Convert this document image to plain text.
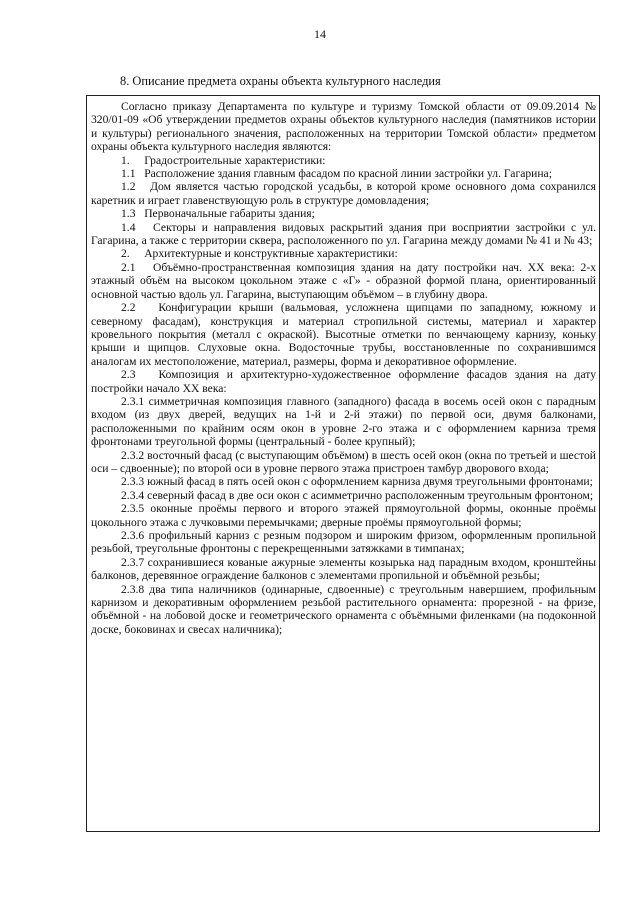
14
8. Описание предмета охраны объекта культурного наследия

Согласно приказу Департамента по культуре и туризму Томской области от 09.09.2014 № 320/01-09 «Об утверждении предметов охраны объектов культурного наследия (памятников истории и культуры) регионального значения, расположенных на территории Томской области» предметом охраны объекта культурного наследия являются:

1.     Градостроительные характеристики:

1.1   Расположение здания главным фасадом по красной линии застройки ул. Гагарина;

1.2   Дом является частью городской усадьбы, в которой кроме основного дома сохранился каретник и играет главенствующую роль в структуре домовладения;

1.3   Первоначальные габариты здания;

1.4   Секторы и направления видовых раскрытий здания при восприятии застройки с ул. Гагарина, а также с территории сквера, расположенного по ул. Гагарина между домами № 41 и № 43;

2.     Архитектурные и конструктивные характеристики:

2.1   Объёмно-пространственная композиция здания на дату постройки нач. XX века: 2-х этажный объём на высоком цокольном этаже с «Г» - образной формой плана, ориентированный основной частью вдоль ул. Гагарина, выступающим объёмом – в глубину двора.

2.2   Конфигурации крыши (вальмовая, усложнена щипцами по западному, южному и северному фасадам), конструкция и материал стропильной системы, материал и характер кровельного покрытия (металл с окраской). Высотные отметки по венчающему карнизу, коньку крыши и щипцов. Слуховые окна. Водосточные трубы, восстановленные по сохранившимся аналогам их местоположение, материал, размеры, форма и декоративное оформление.

2.3   Композиция и архитектурно-художественное оформление фасадов здания на дату постройки начало XX века:

2.3.1 симметричная композиция главного (западного) фасада в восемь осей окон с парадным входом (из двух дверей, ведущих на 1-й и 2-й этажи) по первой оси, двумя балконами, расположенными по крайним осям окон в уровне 2-го этажа и с оформлением карниза тремя фронтонами треугольной формы (центральный - более крупный);

2.3.2 восточный фасад (с выступающим объёмом) в шесть осей окон (окна по третьей и шестой оси – сдвоенные); по второй оси в уровне первого этажа пристроен тамбур дворового входа;

2.3.3 южный фасад в пять осей окон с оформлением карниза двумя треугольными фронтонами;

2.3.4 северный фасад в две оси окон с асимметрично расположенным треугольным фронтоном;

2.3.5 оконные проёмы первого и второго этажей прямоугольной формы, оконные проёмы цокольного этажа с лучковыми перемычками; дверные проёмы прямоугольной формы;

2.3.6 профильный карниз с резным подзором и широким фризом, оформленным пропильной резьбой, треугольные фронтоны с перекрещенными затяжками в тимпанах;

2.3.7 сохранившиеся кованые ажурные элементы козырька над парадным входом, кронштейны балконов, деревянное ограждение балконов с элементами пропильной и объёмной резьбы;

2.3.8 два типа наличников (одинарные, сдвоенные) с треугольным навершием, профильным карнизом и декоративным оформлением резьбой растительного орнамента: прорезной - на фризе, объёмной - на лобовой доске и геометрического орнамента с объёмными филенками (на подоконной доске, боковинах и свесах наличника);
